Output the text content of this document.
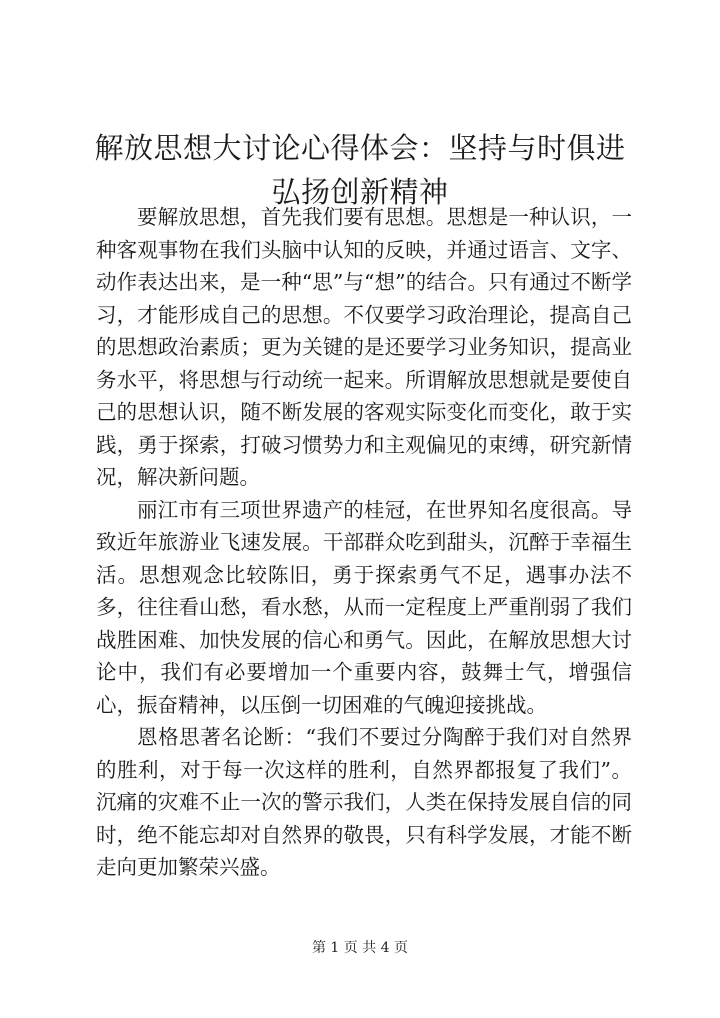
解放思想大讨论心得体会：坚持与时俱进弘扬创新精神

要解放思想，首先我们要有思想。思想是一种认识，一种客观事物在我们头脑中认知的反映，并通过语言、文字、动作表达出来，是一种“思”与“想”的结合。只有通过不断学习，才能形成自己的思想。不仅要学习政治理论，提高自己的思想政治素质；更为关键的是还要学习业务知识，提高业务水平，将思想与行动统一起来。所谓解放思想就是要使自己的思想认识，随不断发展的客观实际变化而变化，敢于实践，勇于探索，打破习惯势力和主观偏见的束缚，研究新情况，解决新问题。

丽江市有三项世界遗产的桂冠，在世界知名度很高。导致近年旅游业飞速发展。干部群众吃到甜头，沉醉于幸福生活。思想观念比较陈旧，勇于探索勇气不足，遇事办法不多，往往看山愁，看水愁，从而一定程度上严重削弱了我们战胜困难、加快发展的信心和勇气。因此，在解放思想大讨论中，我们有必要增加一个重要内容，鼓舞士气，增强信心，振奋精神，以压倒一切困难的气魄迎接挑战。

恩格思著名论断：“我们不要过分陶醉于我们对自然界的胜利，对于每一次这样的胜利，自然界都报复了我们”。沉痛的灾难不止一次的警示我们，人类在保持发展自信的同时，绝不能忘却对自然界的敬畏，只有科学发展，才能不断走向更加繁荣兴盛。

第 1 页 共 4 页
